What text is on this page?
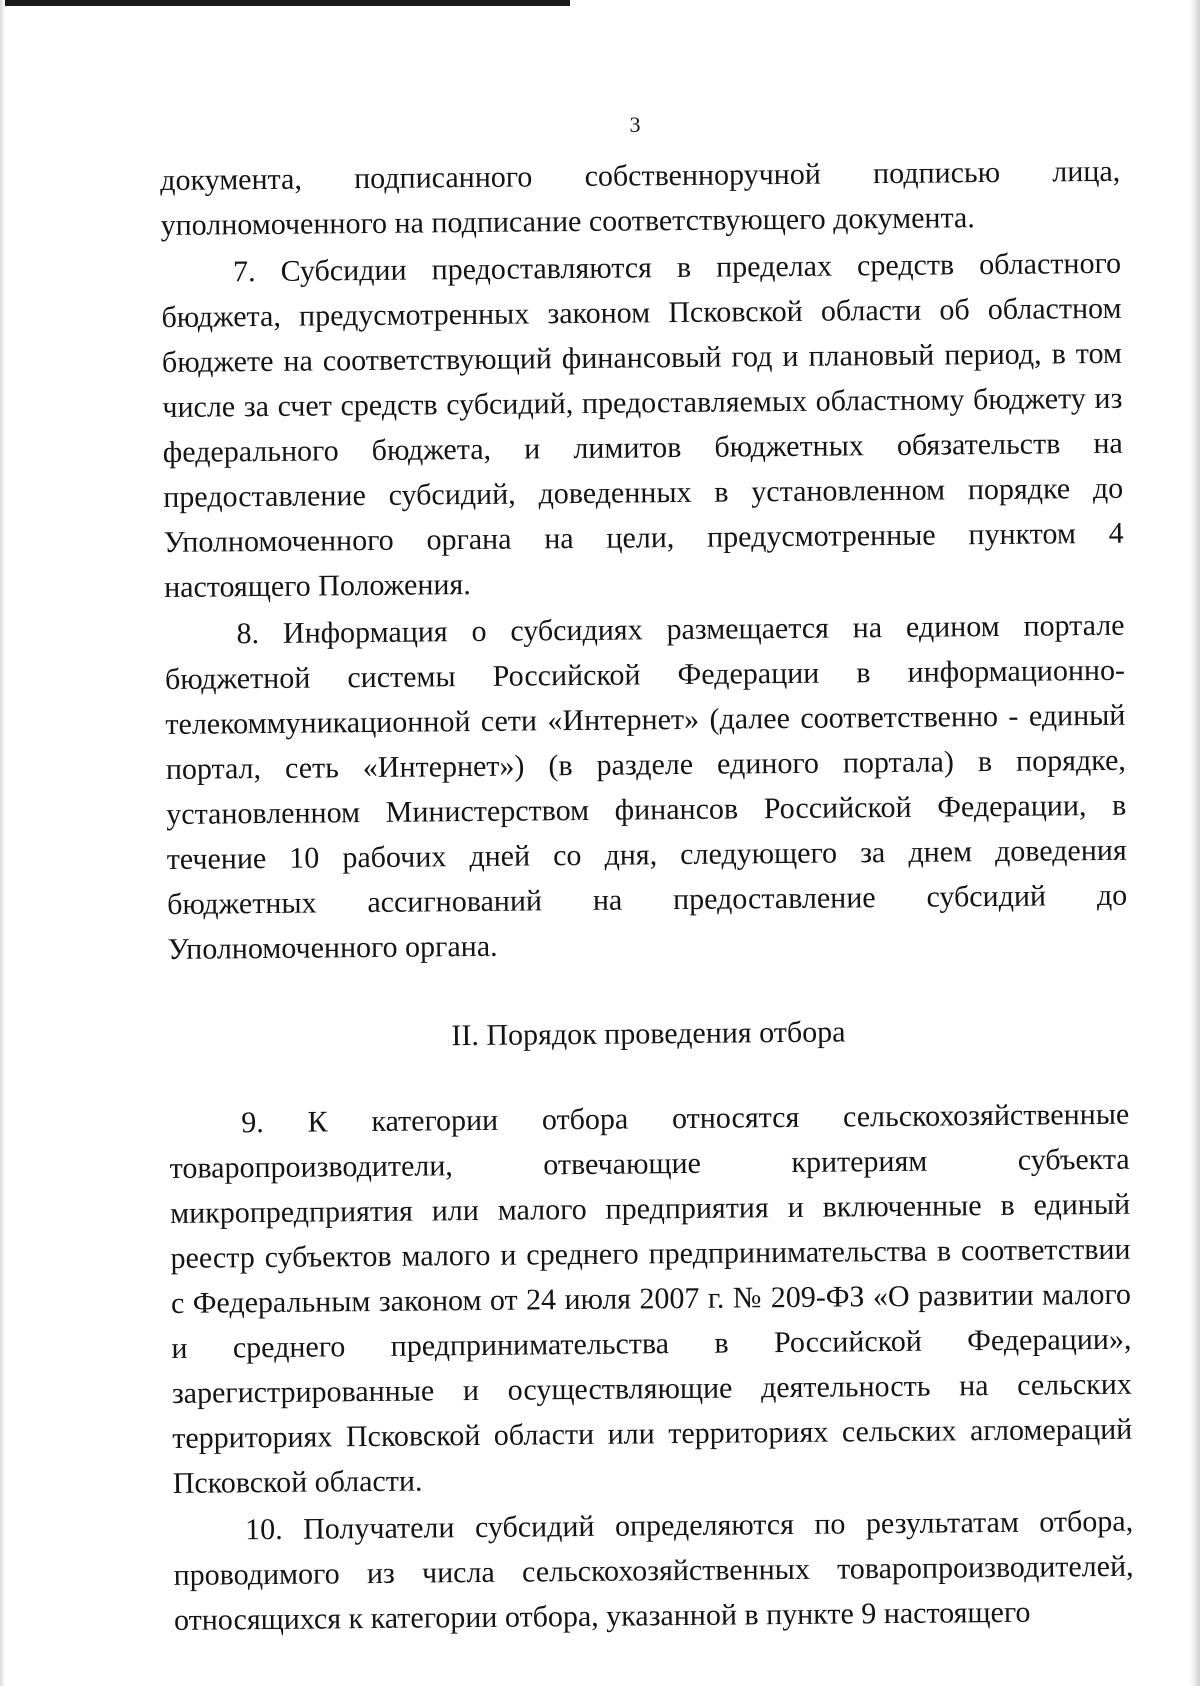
3

документа, подписанного собственноручной подписью лица, уполномоченного на подписание соответствующего документа.

7. Субсидии предоставляются в пределах средств областного бюджета, предусмотренных законом Псковской области об областном бюджете на соответствующий финансовый год и плановый период, в том числе за счет средств субсидий, предоставляемых областному бюджету из федерального бюджета, и лимитов бюджетных обязательств на предоставление субсидий, доведенных в установленном порядке до Уполномоченного органа на цели, предусмотренные пунктом 4 настоящего Положения.

8. Информация о субсидиях размещается на едином портале бюджетной системы Российской Федерации в информационно-телекоммуникационной сети «Интернет» (далее соответственно - единый портал, сеть «Интернет») (в разделе единого портала) в порядке, установленном Министерством финансов Российской Федерации, в течение 10 рабочих дней со дня, следующего за днем доведения бюджетных ассигнований на предоставление субсидий до Уполномоченного органа.

II. Порядок проведения отбора

9. К категории отбора относятся сельскохозяйственные товаропроизводители, отвечающие критериям субъекта микропредприятия или малого предприятия и включенные в единый реестр субъектов малого и среднего предпринимательства в соответствии с Федеральным законом от 24 июля 2007 г. № 209-ФЗ «О развитии малого и среднего предпринимательства в Российской Федерации», зарегистрированные и осуществляющие деятельность на сельских территориях Псковской области или территориях сельских агломераций Псковской области.

10. Получатели субсидий определяются по результатам отбора, проводимого из числа сельскохозяйственных товаропроизводителей, относящихся к категории отбора, указанной в пункте 9 настоящего
